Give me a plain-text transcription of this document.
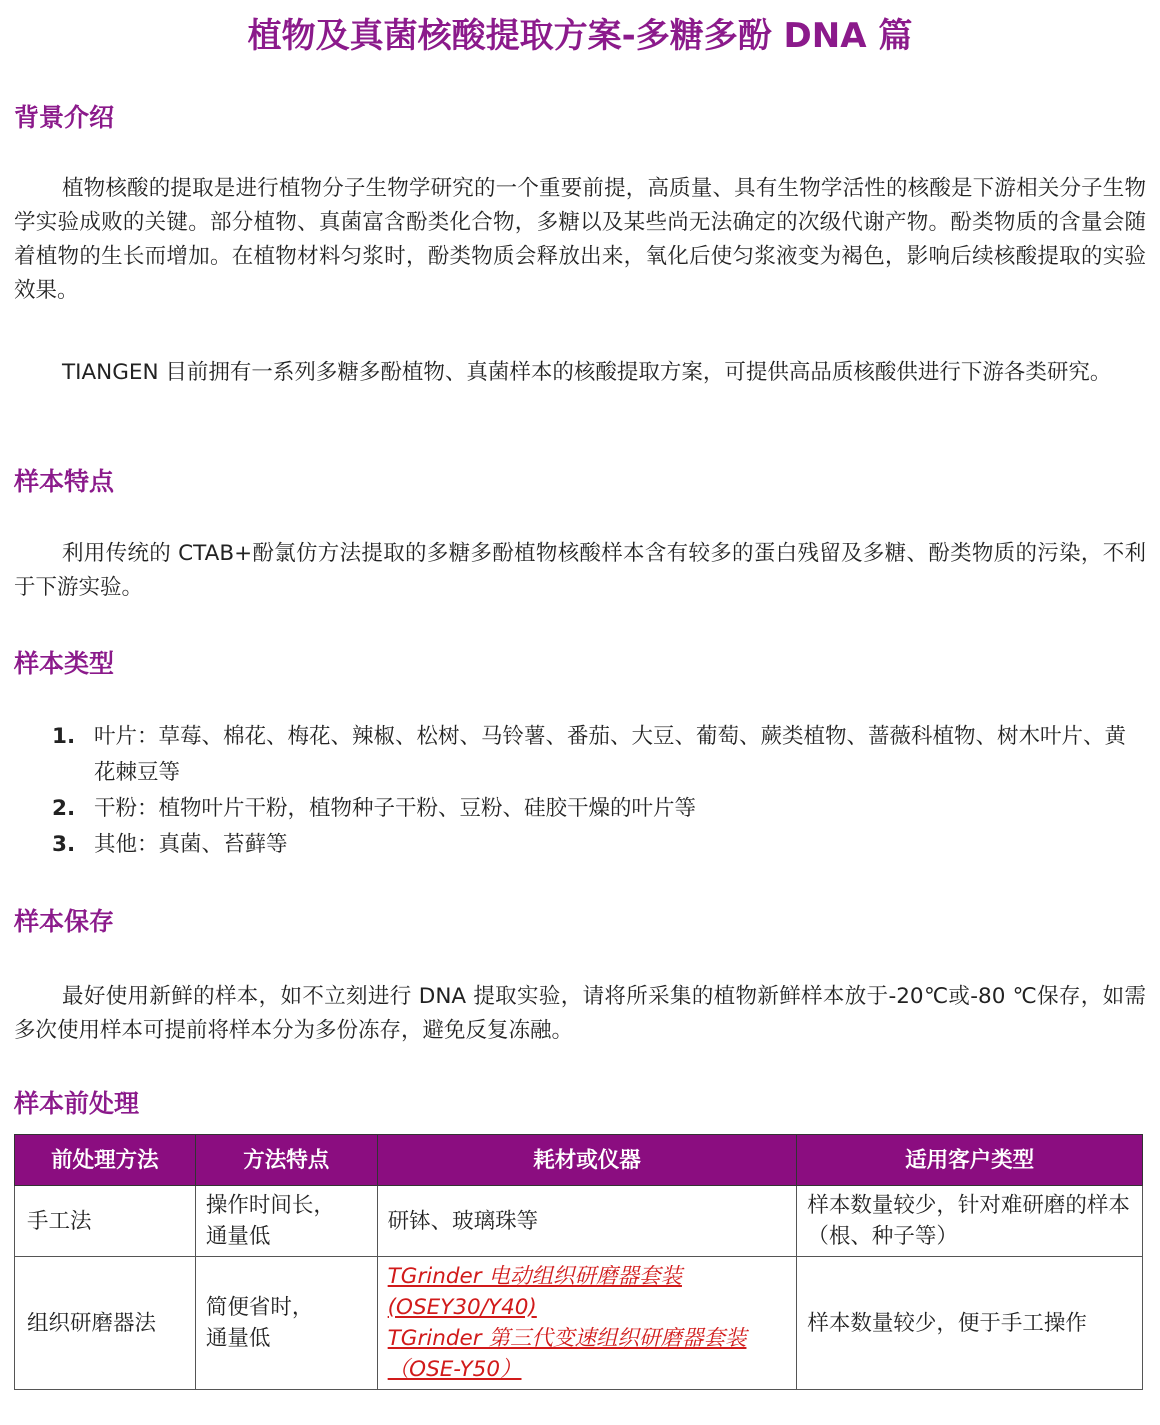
植物及真菌核酸提取方案-多糖多酚 DNA 篇
背景介绍

植物核酸的提取是进行植物分子生物学研究的一个重要前提，高质量、具有生物学活性的核酸是下游相关分子生物学实验成败的关键。部分植物、真菌富含酚类化合物，多糖以及某些尚无法确定的次级代谢产物。酚类物质的含量会随着植物的生长而增加。在植物材料匀浆时，酚类物质会释放出来，氧化后使匀浆液变为褐色，影响后续核酸提取的实验效果。

TIANGEN 目前拥有一系列多糖多酚植物、真菌样本的核酸提取方案，可提供高品质核酸供进行下游各类研究。

样本特点

利用传统的 CTAB+酚氯仿方法提取的多糖多酚植物核酸样本含有较多的蛋白残留及多糖、酚类物质的污染，不利于下游实验。

样本类型
1. 叶片：草莓、棉花、梅花、辣椒、松树、马铃薯、番茄、大豆、葡萄、蕨类植物、蔷薇科植物、树木叶片、黄花棘豆等
2. 干粉：植物叶片干粉，植物种子干粉、豆粉、硅胶干燥的叶片等
3. 其他：真菌、苔藓等
样本保存

最好使用新鲜的样本，如不立刻进行 DNA 提取实验，请将所采集的植物新鲜样本放于-20℃或-80 ℃保存，如需多次使用样本可提前将样本分为多份冻存，避免反复冻融。

样本前处理
前处理方法	方法特点	耗材或仪器	适用客户类型
手工法	操作时间长，
通量低	研钵、玻璃珠等	样本数量较少，针对难研磨的样本（根、种子等）
组织研磨器法	简便省时，
通量低	TGrinder 电动组织研磨器套装(OSEY30/Y40)
TGrinder 第三代变速组织研磨器套装（OSE-Y50）	样本数量较少，便于手工操作
